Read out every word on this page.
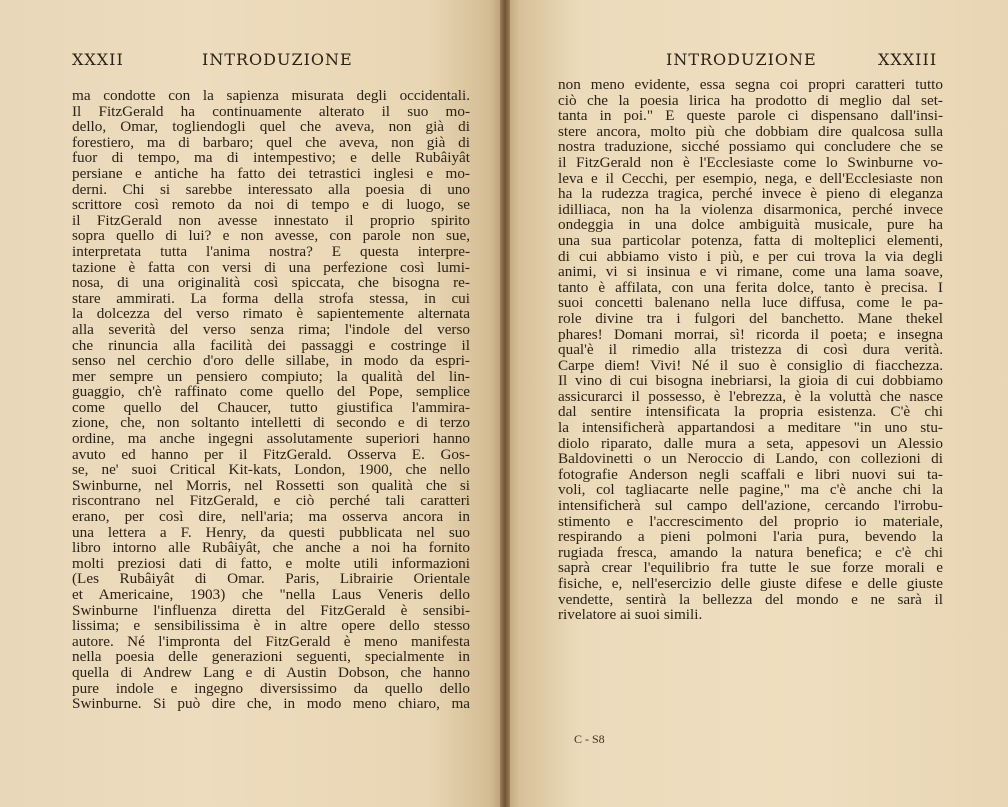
XXXII	INTRODUZIONE
ma condotte con la sapienza misurata degli occidentali.
Il FitzGerald ha continuamente alterato il suo mo-
dello, Omar, togliendogli quel che aveva, non già di
forestiero, ma di barbaro; quel che aveva, non già di
fuor di tempo, ma di intempestivo; e delle Rubâiyât
persiane e antiche ha fatto dei tetrastici inglesi e mo-
derni. Chi si sarebbe interessato alla poesia di uno
scrittore così remoto da noi di tempo e di luogo, se
il FitzGerald non avesse innestato il proprio spirito
sopra quello di lui? e non avesse, con parole non sue,
interpretata tutta l'anima nostra? E questa interpre-
tazione è fatta con versi di una perfezione così lumi-
nosa, di una originalità così spiccata, che bisogna re-
stare ammirati. La forma della strofa stessa, in cui
la dolcezza del verso rimato è sapientemente alternata
alla severità del verso senza rima; l'indole del verso
che rinuncia alla facilità dei passaggi e costringe il
senso nel cerchio d'oro delle sillabe, in modo da espri-
mer sempre un pensiero compiuto; la qualità del lin-
guaggio, ch'è raffinato come quello del Pope, semplice
come quello del Chaucer, tutto giustifica l'ammira-
zione, che, non soltanto intelletti di secondo e di terzo
ordine, ma anche ingegni assolutamente superiori hanno
avuto ed hanno per il FitzGerald. Osserva E. Gos-
se, ne' suoi Critical Kit-kats, London, 1900, che nello
Swinburne, nel Morris, nel Rossetti son qualità che si
riscontrano nel FitzGerald, e ciò perché tali caratteri
erano, per così dire, nell'aria; ma osserva ancora in
una lettera a F. Henry, da questi pubblicata nel suo
libro intorno alle Rubâiyât, che anche a noi ha fornito
molti preziosi dati di fatto, e molte utili informazioni
(Les Rubâiyât di Omar. Paris, Librairie Orientale
et Americaine, 1903) che "nella Laus Veneris dello
Swinburne l'influenza diretta del FitzGerald è sensibi-
lissima; e sensibilissima è in altre opere dello stesso
autore. Né l'impronta del FitzGerald è meno manifesta
nella poesia delle generazioni seguenti, specialmente in
quella di Andrew Lang e di Austin Dobson, che hanno
pure indole e ingegno diversissimo da quello dello
Swinburne. Si può dire che, in modo meno chiaro, ma
INTRODUZIONE	XXXIII
non meno evidente, essa segna coi propri caratteri tutto
ciò che la poesia lirica ha prodotto di meglio dal set-
tanta in poi." E queste parole ci dispensano dall'insi-
stere ancora, molto più che dobbiam dire qualcosa sulla
nostra traduzione, sicché possiamo qui concludere che se
il FitzGerald non è l'Ecclesiaste come lo Swinburne vo-
leva e il Cecchi, per esempio, nega, e dell'Ecclesiaste non
ha la rudezza tragica, perché invece è pieno di eleganza
idilliaca, non ha la violenza disarmonica, perché invece
ondeggia in una dolce ambiguità musicale, pure ha
una sua particolar potenza, fatta di molteplici elementi,
di cui abbiamo visto i più, e per cui trova la via degli
animi, vi si insinua e vi rimane, come una lama soave,
tanto è affilata, con una ferita dolce, tanto è precisa. I
suoi concetti balenano nella luce diffusa, come le pa-
role divine tra i fulgori del banchetto. Mane thekel
phares! Domani morrai, sì! ricorda il poeta; e insegna
qual'è il rimedio alla tristezza di così dura verità.
Carpe diem! Vivi! Né il suo è consiglio di fiacchezza.
Il vino di cui bisogna inebriarsi, la gioia di cui dobbiamo
assicurarci il possesso, è l'ebrezza, è la voluttà che nasce
dal sentire intensificata la propria esistenza. C'è chi
la intensificherà appartandosi a meditare "in uno stu-
diolo riparato, dalle mura a seta, appesovi un Alessio
Baldovinetti o un Neroccio di Lando, con collezioni di
fotografie Anderson negli scaffali e libri nuovi sui ta-
voli, col tagliacarte nelle pagine," ma c'è anche chi la
intensificherà sul campo dell'azione, cercando l'irrobu-
stimento e l'accrescimento del proprio io materiale,
respirando a pieni polmoni l'aria pura, bevendo la
rugiada fresca, amando la natura benefica; e c'è chi
saprà crear l'equilibrio fra tutte le sue forze morali e
fisiche, e, nell'esercizio delle giuste difese e delle giuste
vendette, sentirà la bellezza del mondo e ne sarà il
rivelatore ai suoi simili.
C - S8
